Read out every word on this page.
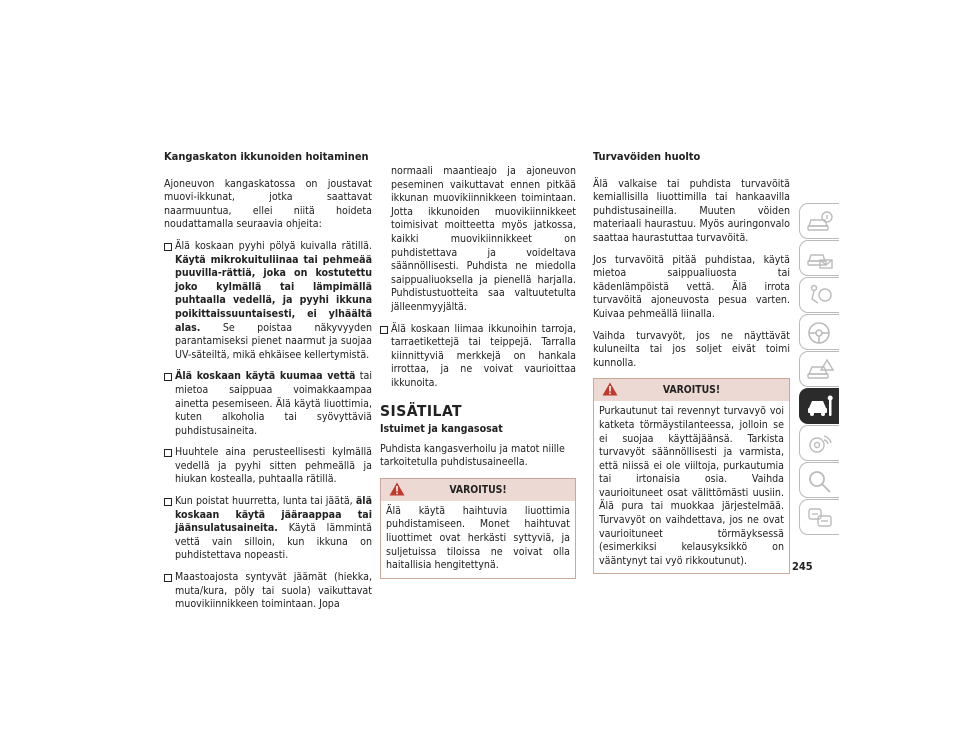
Kangaskaton ikkunoiden hoitaminen

Ajoneuvon kangaskatossa on joustavat muovi-ikkunat, jotka saattavat naarmuuntua, ellei niitä hoideta noudattamalla seuraavia ohjeita:

Älä koskaan pyyhi pölyä kuivalla rätillä. Käytä mikrokuituliinaa tai pehmeää puuvilla-rättiä, joka on kostutettu joko kylmällä tai lämpimällä puhtaalla vedellä, ja pyyhi ikkuna poikittaissuuntaisesti, ei ylhäältä alas. Se poistaa näkyvyyden parantamiseksi pienet naarmut ja suojaa UV-säteiltä, mikä ehkäisee kellertymistä.
Älä koskaan käytä kuumaa vettä tai mietoa saippuaa voimakkaampaa ainetta pesemiseen. Älä käytä liuottimia, kuten alkoholia tai syövyttäviä puhdistusaineita.
Huuhtele aina perusteellisesti kylmällä vedellä ja pyyhi sitten pehmeällä ja hiukan kostealla, puhtaalla rätillä.
Kun poistat huurretta, lunta tai jäätä, älä koskaan käytä jääraappaa tai jäänsulatusaineita. Käytä lämmintä vettä vain silloin, kun ikkuna on puhdistettava nopeasti.
Maastoajosta syntyvät jäämät (hiekka, muta/kura, pöly tai suola) vaikuttavat muovikiinnikkeen toimintaan. Jopa

normaali maantieajo ja ajoneuvon peseminen vaikuttavat ennen pitkää ikkunan muovikiinnikkeen toimintaan. Jotta ikkunoiden muovikiinnikkeet toimisivat moitteetta myös jatkossa, kaikki muovikiinnikkeet on puhdistettava ja voideltava säännöllisesti. Puhdista ne miedolla saippualiuoksella ja pienellä harjalla. Puhdistustuotteita saa valtuutetulta jälleenmyyjältä.

Älä koskaan liimaa ikkunoihin tarroja, tarraetikettejä tai teippejä. Tarralla kiinnittyviä merkkejä on hankala irrottaa, ja ne voivat vaurioittaa ikkunoita.
SISÄTILAT
Istuimet ja kangasosat

Puhdista kangasverhoilu ja matot niille tarkoitetulla puhdistusaineella.

VAROITUS!
Älä käytä haihtuvia liuottimia puhdistamiseen. Monet haihtuvat liuottimet ovat herkästi syttyviä, ja suljetuissa tiloissa ne voivat olla haitallisia hengitettynä.
Turvavöiden huolto

Älä valkaise tai puhdista turvavöitä kemiallisilla liuottimilla tai hankaavilla puhdistusaineilla. Muuten vöiden materiaali haurastuu. Myös auringonvalo saattaa haurastuttaa turvavöitä.

Jos turvavöitä pitää puhdistaa, käytä mietoa saippualiuosta tai kädenlämpöistä vettä. Älä irrota turvavöitä ajoneuvosta pesua varten. Kuivaa pehmeällä liinalla.

Vaihda turvavyöt, jos ne näyttävät kuluneilta tai jos soljet eivät toimi kunnolla.

VAROITUS!
Purkautunut tai revennyt turvavyö voi katketa törmäystilanteessa, jolloin se ei suojaa käyttäjäänsä. Tarkista turvavyöt säännöllisesti ja varmista, että niissä ei ole viiltoja, purkautumia tai irtonaisia osia. Vaihda vaurioituneet osat välittömästi uusiin. Älä pura tai muokkaa järjestelmää. Turvavyöt on vaihdettava, jos ne ovat vaurioituneet törmäyksessä (esimerkiksi kelausyksikkö on vääntynyt tai vyö rikkoutunut).	245
